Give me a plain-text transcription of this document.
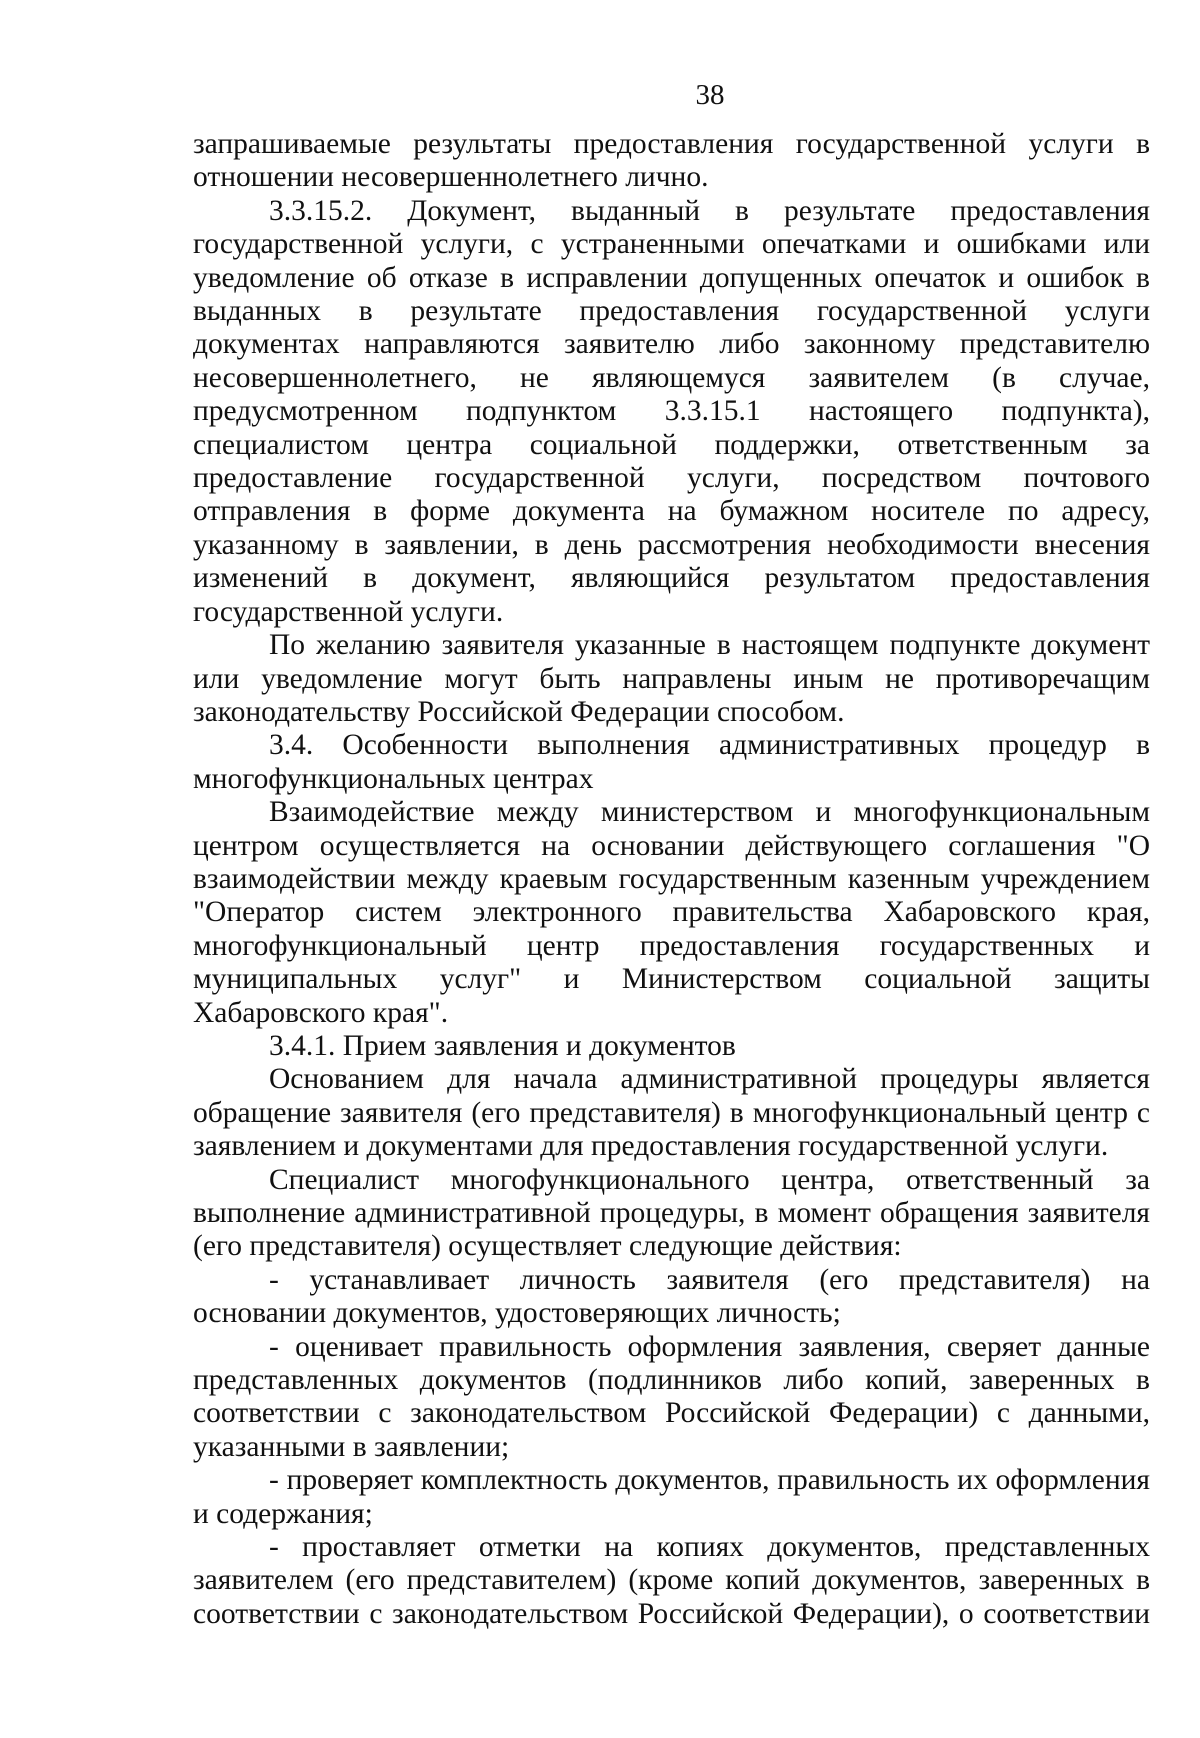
38

запрашиваемые результаты предоставления государственной услуги в отношении несовершеннолетнего лично.

3.3.15.2. Документ, выданный в результате предоставления государственной услуги, с устраненными опечатками и ошибками или уведомление об отказе в исправлении допущенных опечаток и ошибок в выданных в результате предоставления государственной услуги документах направляются заявителю либо законному представителю несовершеннолетнего, не являющемуся заявителем (в случае, предусмотренном подпунктом 3.3.15.1 настоящего подпункта), специалистом центра социальной поддержки, ответственным за предоставление государственной услуги, посредством почтового отправления в форме документа на бумажном носителе по адресу, указанному в заявлении, в день рассмотрения необходимости внесения изменений в документ, являющийся результатом предоставления государственной услуги.

По желанию заявителя указанные в настоящем подпункте документ или уведомление могут быть направлены иным не противоречащим законодательству Российской Федерации способом.

3.4. Особенности выполнения административных процедур в многофункциональных центрах

Взаимодействие между министерством и многофункциональным центром осуществляется на основании действующего соглашения "О взаимодействии между краевым государственным казенным учреждением "Оператор систем электронного правительства Хабаровского края, многофункциональный центр предоставления государственных и муниципальных услуг" и Министерством социальной защиты Хабаровского края".

3.4.1. Прием заявления и документов

Основанием для начала административной процедуры является обращение заявителя (его представителя) в многофункциональный центр с заявлением и документами для предоставления государственной услуги.

Специалист многофункционального центра, ответственный за выполнение административной процедуры, в момент обращения заявителя (его представителя) осуществляет следующие действия:

- устанавливает личность заявителя (его представителя) на основании документов, удостоверяющих личность;

- оценивает правильность оформления заявления, сверяет данные представленных документов (подлинников либо копий, заверенных в соответствии с законодательством Российской Федерации) с данными, указанными в заявлении;

- проверяет комплектность документов, правильность их оформления и содержания;

- проставляет отметки на копиях документов, представленных заявителем (его представителем) (кроме копий документов, заверенных в соответствии с законодательством Российской Федерации), о соответствии
